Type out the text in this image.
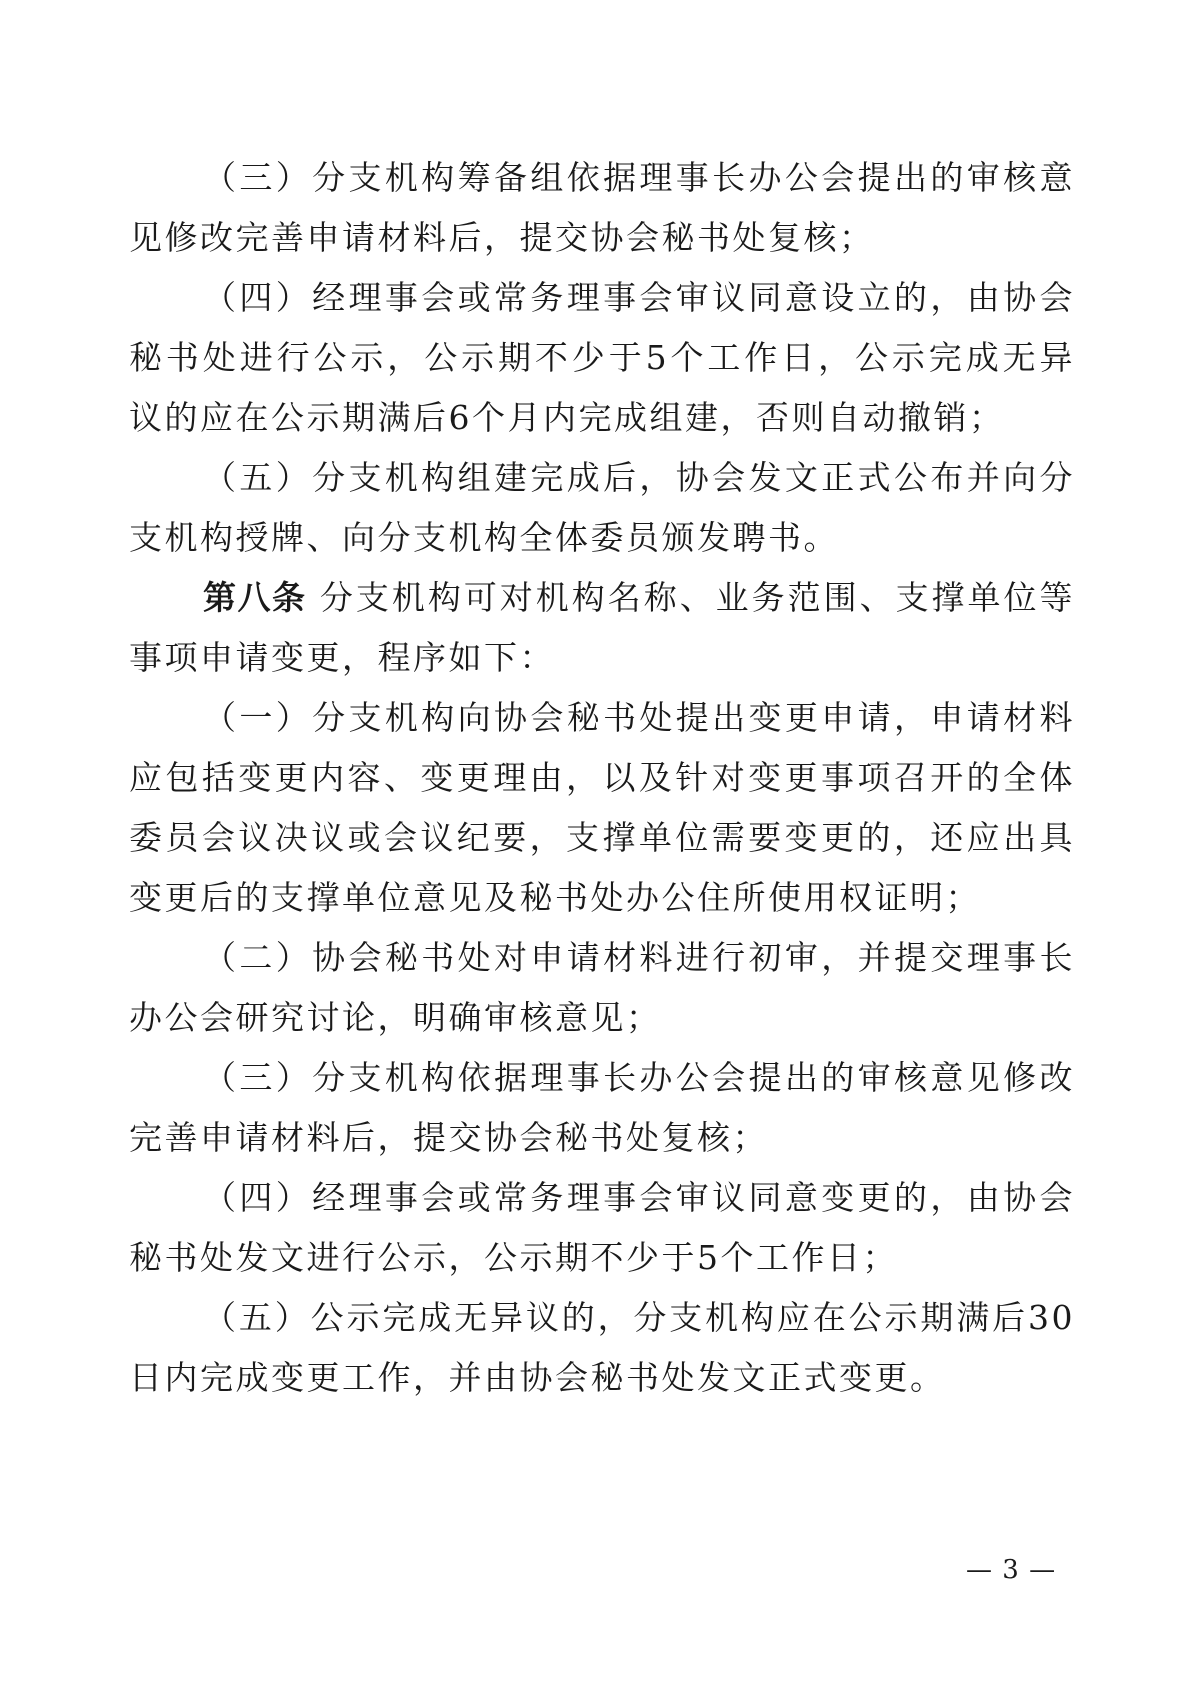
（三）分支机构筹备组依据理事长办公会提出的审核意见修改完善申请材料后，提交协会秘书处复核；

（四）经理事会或常务理事会审议同意设立的，由协会秘书处进行公示，公示期不少于5个工作日，公示完成无异议的应在公示期满后6个月内完成组建，否则自动撤销；

（五）分支机构组建完成后，协会发文正式公布并向分支机构授牌、向分支机构全体委员颁发聘书。

第八条 分支机构可对机构名称、业务范围、支撑单位等事项申请变更，程序如下：

（一）分支机构向协会秘书处提出变更申请，申请材料应包括变更内容、变更理由，以及针对变更事项召开的全体委员会议决议或会议纪要，支撑单位需要变更的，还应出具变更后的支撑单位意见及秘书处办公住所使用权证明；

（二）协会秘书处对申请材料进行初审，并提交理事长办公会研究讨论，明确审核意见；

（三）分支机构依据理事长办公会提出的审核意见修改完善申请材料后，提交协会秘书处复核；

（四）经理事会或常务理事会审议同意变更的，由协会秘书处发文进行公示，公示期不少于5个工作日；

（五）公示完成无异议的，分支机构应在公示期满后30日内完成变更工作，并由协会秘书处发文正式变更。

— 3 —
